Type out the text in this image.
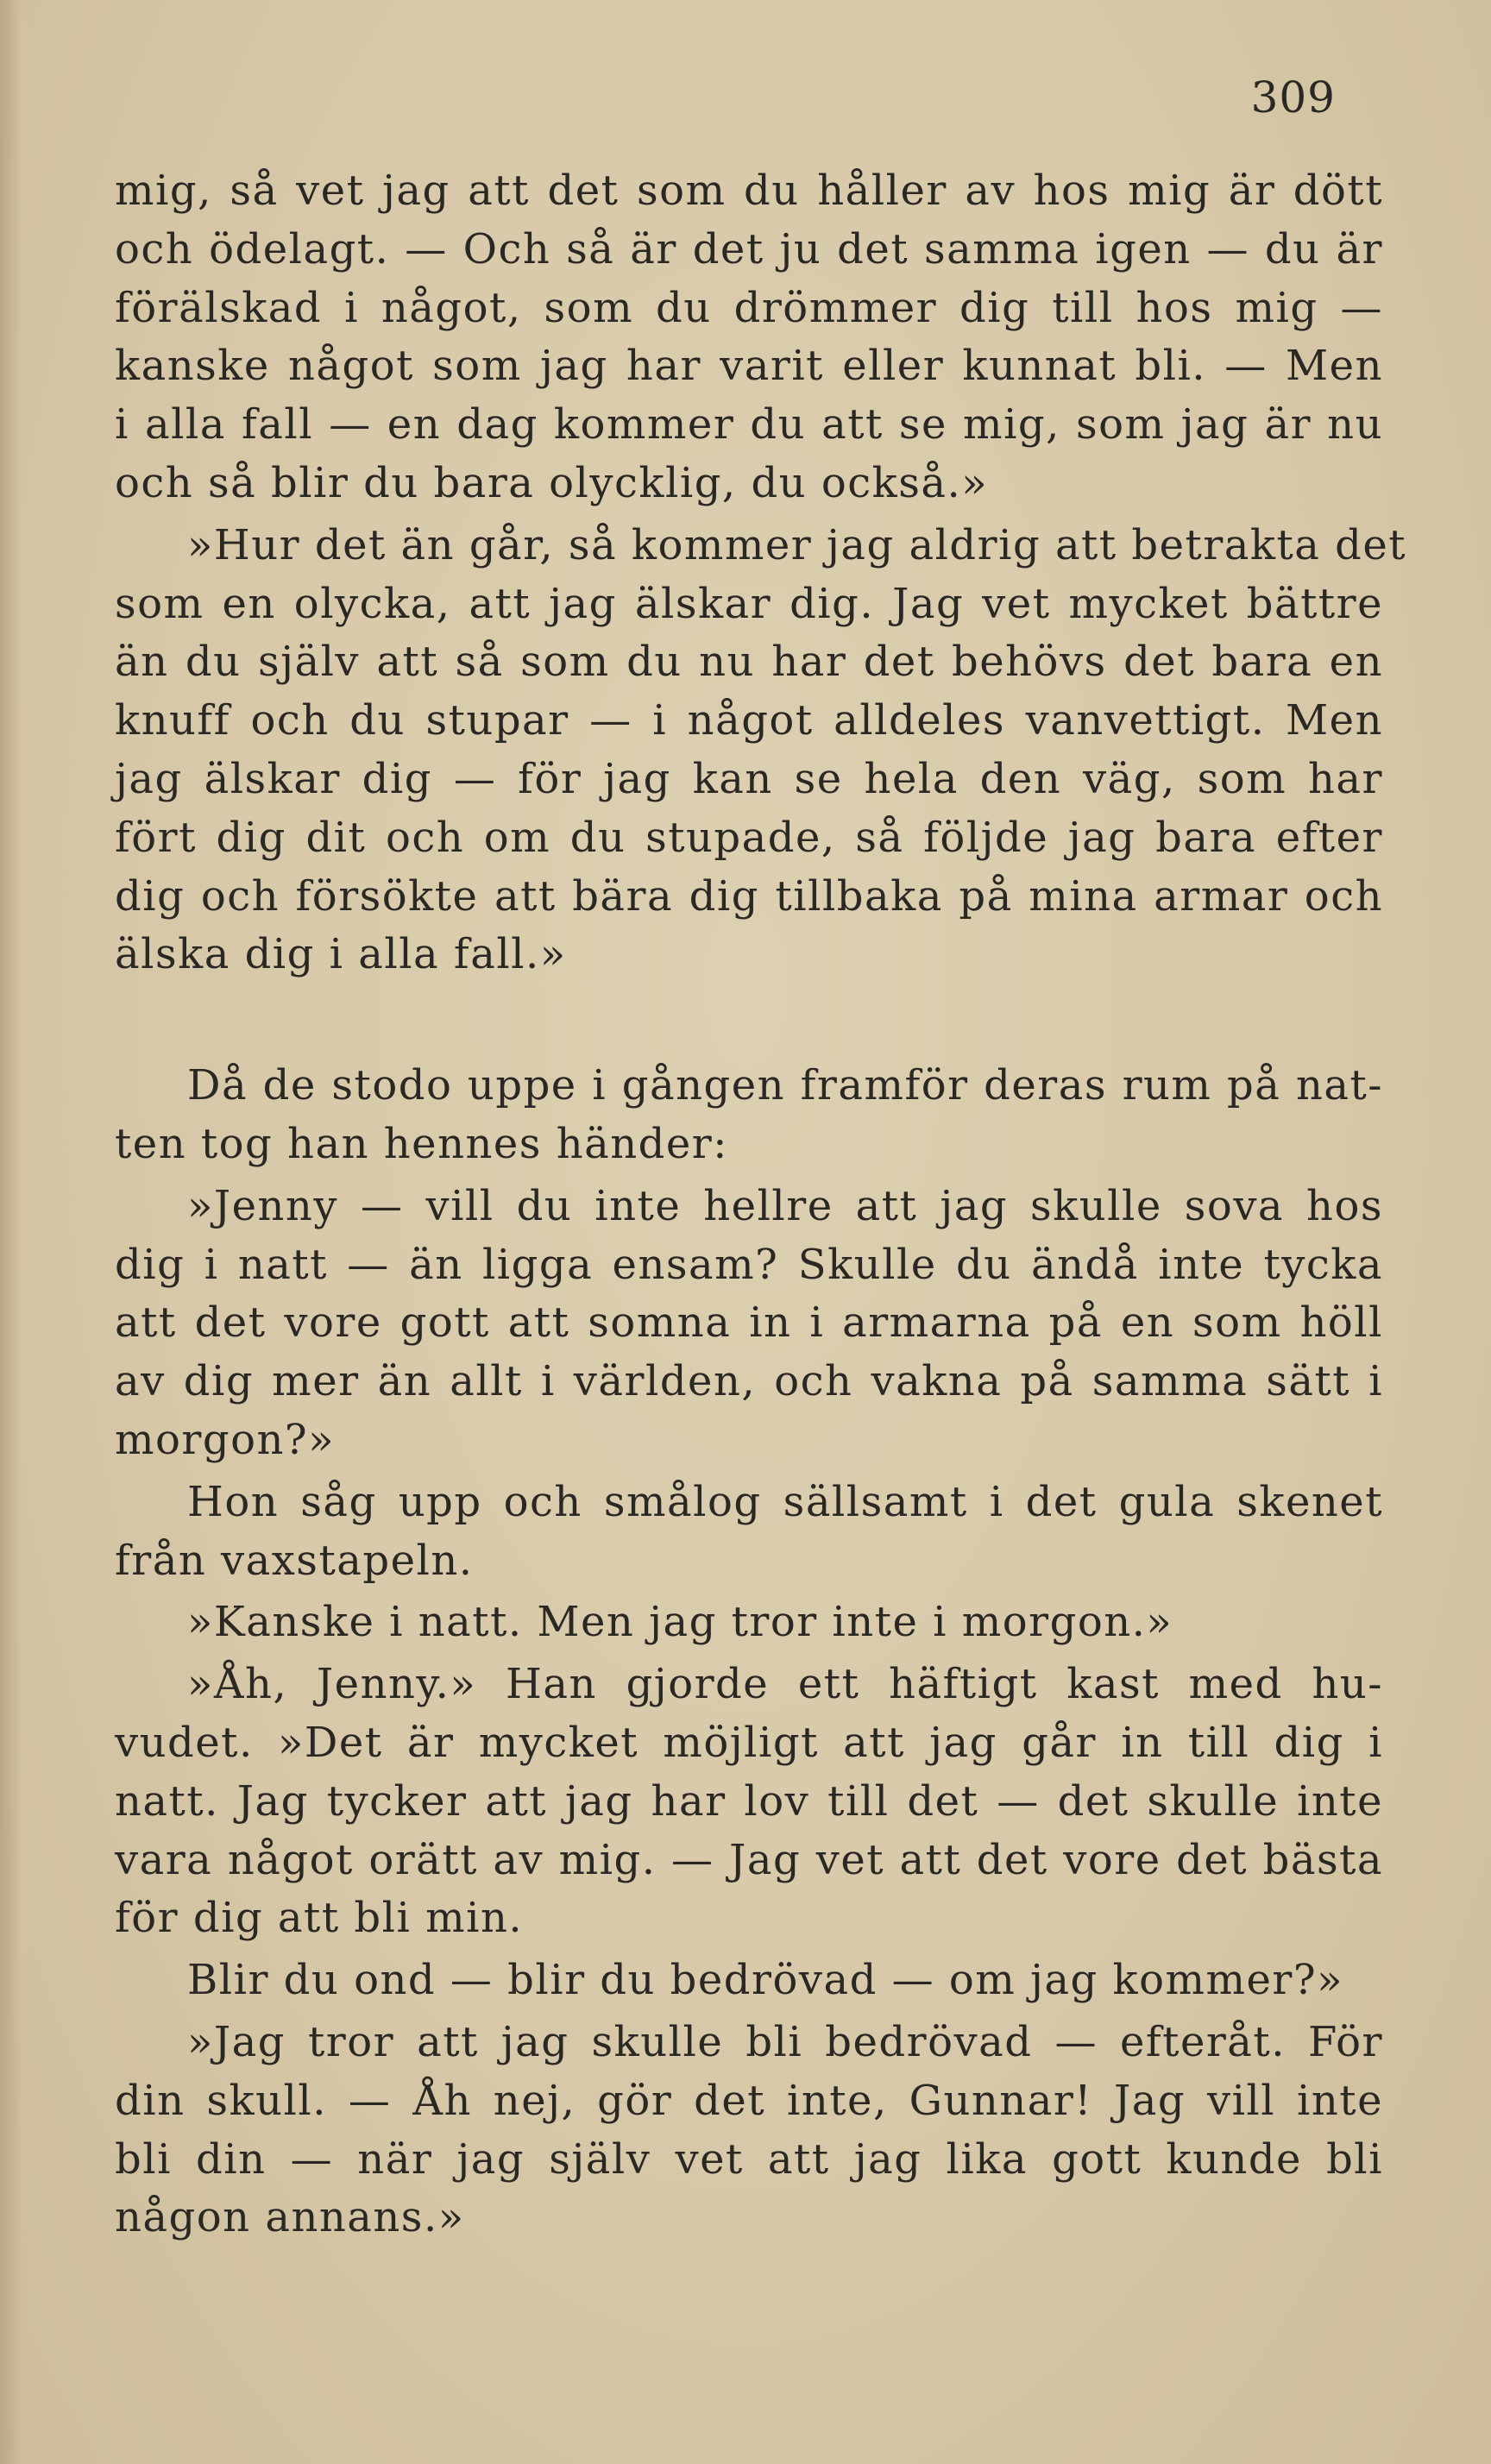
309
mig, så vet jag att det som du håller av hos mig är dött
och ödelagt. — Och så är det ju det samma igen — du är
förälskad i något, som du drömmer dig till hos mig —
kanske något som jag har varit eller kunnat bli. — Men
i alla fall — en dag kommer du att se mig, som jag är nu
och så blir du bara olycklig, du också.»
»Hur det än går, så kommer jag aldrig att betrakta det
som en olycka, att jag älskar dig. Jag vet mycket bättre
än du själv att så som du nu har det behövs det bara en
knuff och du stupar — i något alldeles vanvettigt. Men
jag älskar dig — för jag kan se hela den väg, som har
fört dig dit och om du stupade, så följde jag bara efter
dig och försökte att bära dig tillbaka på mina armar och
älska dig i alla fall.»
Då de stodo uppe i gången framför deras rum på nat-
ten tog han hennes händer:
»Jenny — vill du inte hellre att jag skulle sova hos
dig i natt — än ligga ensam? Skulle du ändå inte tycka
att det vore gott att somna in i armarna på en som höll
av dig mer än allt i världen, och vakna på samma sätt i
morgon?»
Hon såg upp och smålog sällsamt i det gula skenet
från vaxstapeln.
»Kanske i natt. Men jag tror inte i morgon.»
»Åh, Jenny.» Han gjorde ett häftigt kast med hu-
vudet. »Det är mycket möjligt att jag går in till dig i
natt. Jag tycker att jag har lov till det — det skulle inte
vara något orätt av mig. — Jag vet att det vore det bästa
för dig att bli min.
Blir du ond — blir du bedrövad — om jag kommer?»
»Jag tror att jag skulle bli bedrövad — efteråt. För
din skull. — Åh nej, gör det inte, Gunnar! Jag vill inte
bli din — när jag själv vet att jag lika gott kunde bli
någon annans.»
